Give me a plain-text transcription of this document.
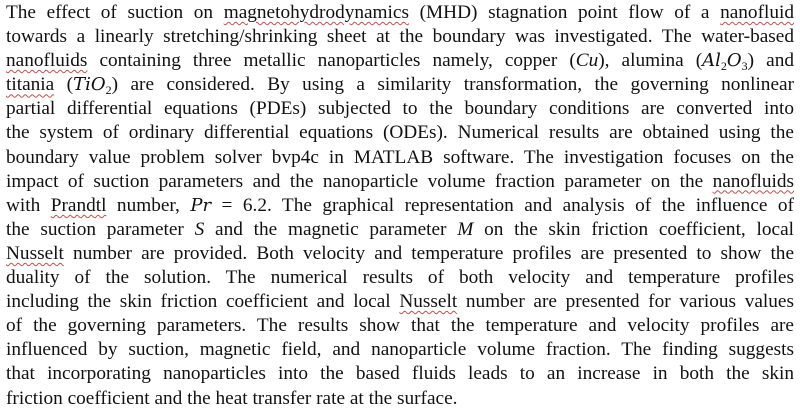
The effect of suction on magnetohydrodynamics (MHD) stagnation point flow of a nanofluid
towards a linearly stretching/shrinking sheet at the boundary was investigated. The water-based
nanofluids containing three metallic nanoparticles namely, copper (Cu), alumina $(Al_2O_3)$ and
titania (TiO$_2$) are considered. By using a similarity transformation, the governing nonlinear
partial differential equations (PDEs) subjected to the boundary conditions are converted into
the system of ordinary differential equations (ODEs). Numerical results are obtained using the
boundary value problem solver bvp4c in MATLAB software. The investigation focuses on the
impact of suction parameters and the nanoparticle volume fraction parameter on the nanofluids
with Prandtl number, Pr = 6.2. The graphical representation and analysis of the influence of
the suction parameter S and the magnetic parameter M on the skin friction coefficient, local
Nusselt number are provided. Both velocity and temperature profiles are presented to show the
duality of the solution. The numerical results of both velocity and temperature profiles
including the skin friction coefficient and local Nusselt number are presented for various values
of the governing parameters. The results show that the temperature and velocity profiles are
influenced by suction, magnetic field, and nanoparticle volume fraction. The finding suggests
that incorporating nanoparticles into the based fluids leads to an increase in both the skin
friction coefficient and the heat transfer rate at the surface.
